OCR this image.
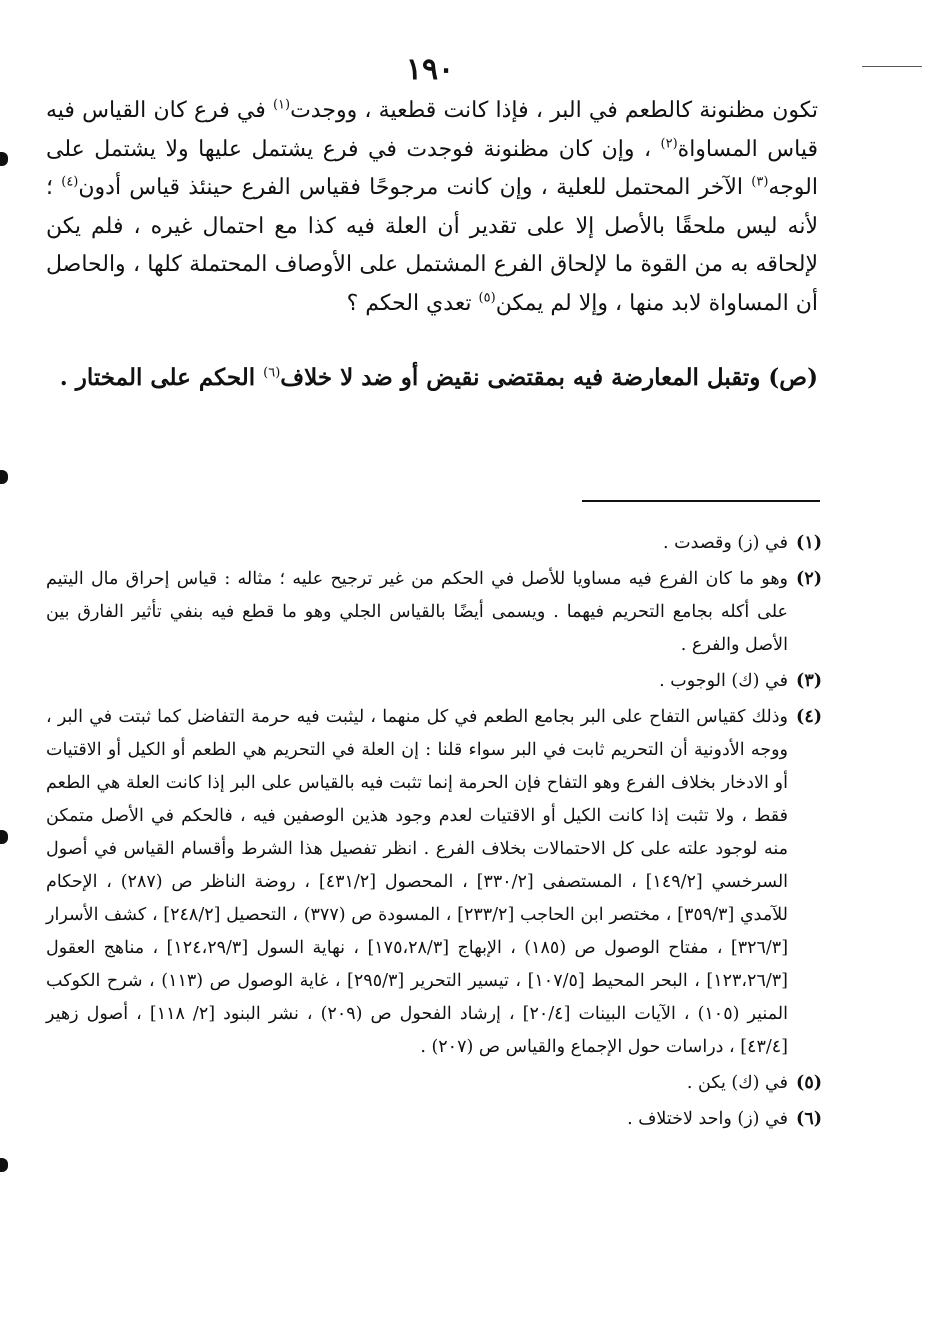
١٩٠

تكون مظنونة كالطعم في البر ، فإذا كانت قطعية ، ووجدت$^{(١)}$ في فرع كان القياس فيه قياس المساواة$^{(٢)}$ ، وإن كان مظنونة فوجدت في فرع يشتمل عليها ولا يشتمل على الوجه$^{(٣)}$ الآخر المحتمل للعلية ، وإن كانت مرجوحًا فقياس الفرع حينئذ قياس أدون$^{(٤)}$ ؛ لأنه ليس ملحقًا بالأصل إلا على تقدير أن العلة فيه كذا مع احتمال غيره ، فلم يكن لإلحاقه به من القوة ما لإلحاق الفرع المشتمل على الأوصاف المحتملة كلها ، والحاصل أن المساواة لابد منها ، وإلا لم يمكن$^{(٥)}$ تعدي الحكم ؟

(ص) وتقبل المعارضة فيه بمقتضى نقيض أو ضد لا خلاف$^{(٦)}$ الحكم على المختار .
(١)
في (ز) وقصدت .
(٢)
وهو ما كان الفرع فيه مساويا للأصل في الحكم من غير ترجيح عليه ؛ مثاله : قياس إحراق مال اليتيم على أكله بجامع التحريم فيهما . ويسمى أيضًا بالقياس الجلي وهو ما قطع فيه بنفي تأثير الفارق بين الأصل والفرع .
(٣)
في (ك) الوجوب .
(٤)
وذلك كقياس التفاح على البر بجامع الطعم في كل منهما ، ليثبت فيه حرمة التفاضل كما ثبتت في البر ، ووجه الأدونية أن التحريم ثابت في البر سواء قلنا : إن العلة في التحريم هي الطعم أو الكيل أو الاقتيات أو الادخار بخلاف الفرع وهو التفاح فإن الحرمة إنما تثبت فيه بالقياس على البر إذا كانت العلة هي الطعم فقط ، ولا تثبت إذا كانت الكيل أو الاقتيات لعدم وجود هذين الوصفين فيه ، فالحكم في الأصل متمكن منه لوجود علته على كل الاحتمالات بخلاف الفرع . انظر تفصيل هذا الشرط وأقسام القياس في أصول السرخسي [١٤٩/٢] ، المستصفى [٣٣٠/٢] ، المحصول [٤٣١/٢] ، روضة الناظر ص (٢٨٧) ، الإحكام للآمدي [٣٥٩/٣] ، مختصر ابن الحاجب [٢٣٣/٢] ، المسودة ص (٣٧٧) ، التحصيل [٢٤٨/٢] ، كشف الأسرار [٣٢٦/٣] ، مفتاح الوصول ص (١٨٥) ، الإبهاج [١٧٥،٢٨/٣] ، نهاية السول [١٢٤،٢٩/٣] ، مناهج العقول [١٢٣،٢٦/٣] ، البحر المحيط [١٠٧/٥] ، تيسير التحرير [٢٩٥/٣] ، غاية الوصول ص (١١٣) ، شرح الكوكب المنير (١٠٥) ، الآيات البينات [٢٠/٤] ، إرشاد الفحول ص (٢٠٩) ، نشر البنود [٢/ ١١٨] ، أصول زهير [٤٣/٤] ، دراسات حول الإجماع والقياس ص (٢٠٧) .
(٥)
في (ك) يكن .
(٦)
في (ز) واحد لاختلاف .
